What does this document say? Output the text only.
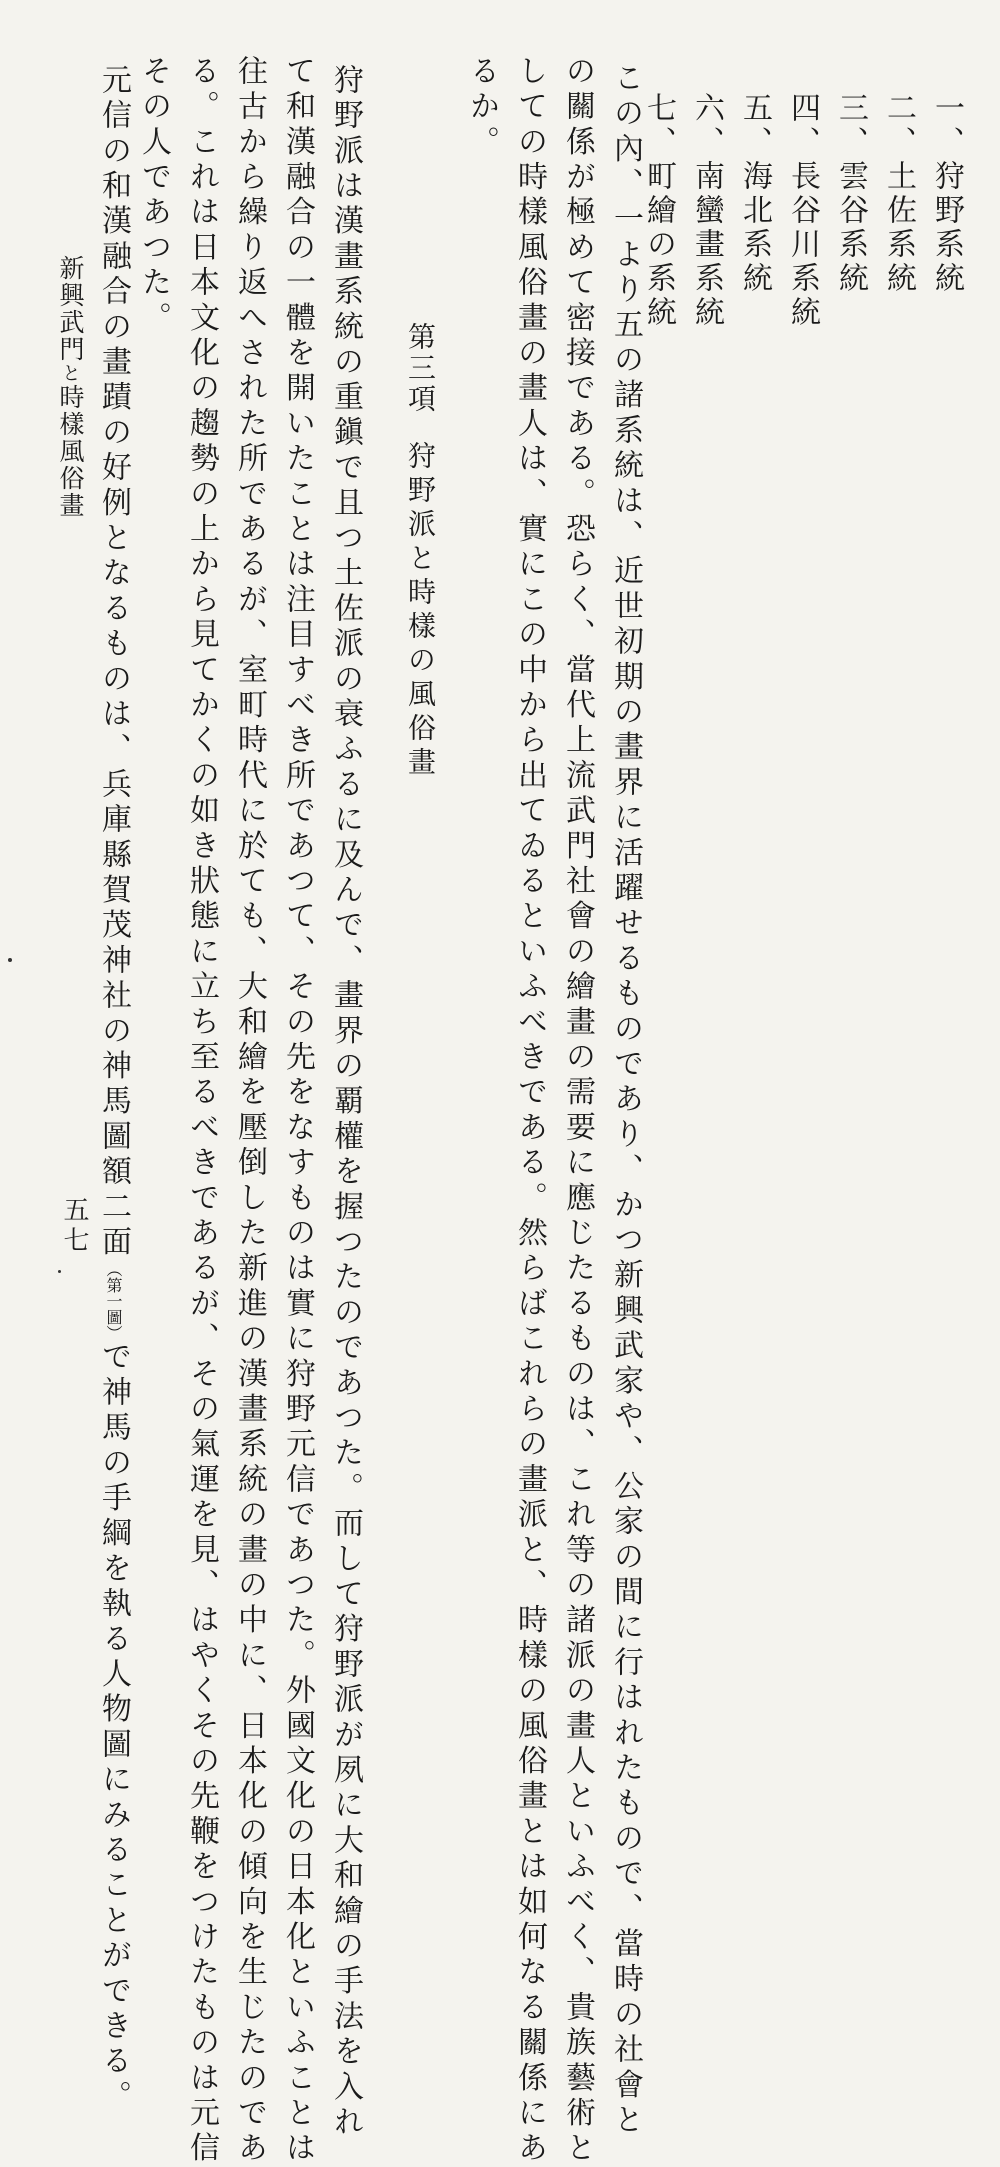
一、狩野系統
二、土佐系統
三、雲谷系統
四、長谷川系統
五、海北系統
六、南蠻畫系統
七、町繪の系統
この內、一より五の諸系統は、近世初期の畫界に活躍せるものであり、かつ新興武家や、公家の間に行はれたもので、當時の社會と
の關係が極めて密接である。恐らく、當代上流武門社會の繪畫の需要に應じたるものは、これ等の諸派の畫人といふべく、貴族藝術と
しての時樣風俗畫の畫人は、實にこの中から出てゐるといふべきである。然らばこれらの畫派と、時樣の風俗畫とは如何なる關係にあ
るか。
第三項狩野派と時樣の風俗畫
狩野派は漢畫系統の重鎭で且つ土佐派の衰ふるに及んで、畫界の覇權を握つたのであつた。而して狩野派が夙に大和繪の手法を入れ
て和漢融合の一體を開いたことは注目すべき所であつて、その先をなすものは實に狩野元信であつた。外國文化の日本化といふことは
往古から繰り返へされた所であるが、室町時代に於ても、大和繪を壓倒した新進の漢畫系統の畫の中に、日本化の傾向を生じたのであ
る。これは日本文化の趨勢の上から見てかくの如き狀態に立ち至るべきであるが、その氣運を見、はやくその先鞭をつけたものは元信
その人であつた。
元信の和漢融合の畫蹟の好例となるものは、兵庫縣賀茂神社の神馬圖額二面（第一圖）で神馬の手綱を執る人物圖にみることができる。
新興武門と時樣風俗畫
五七
